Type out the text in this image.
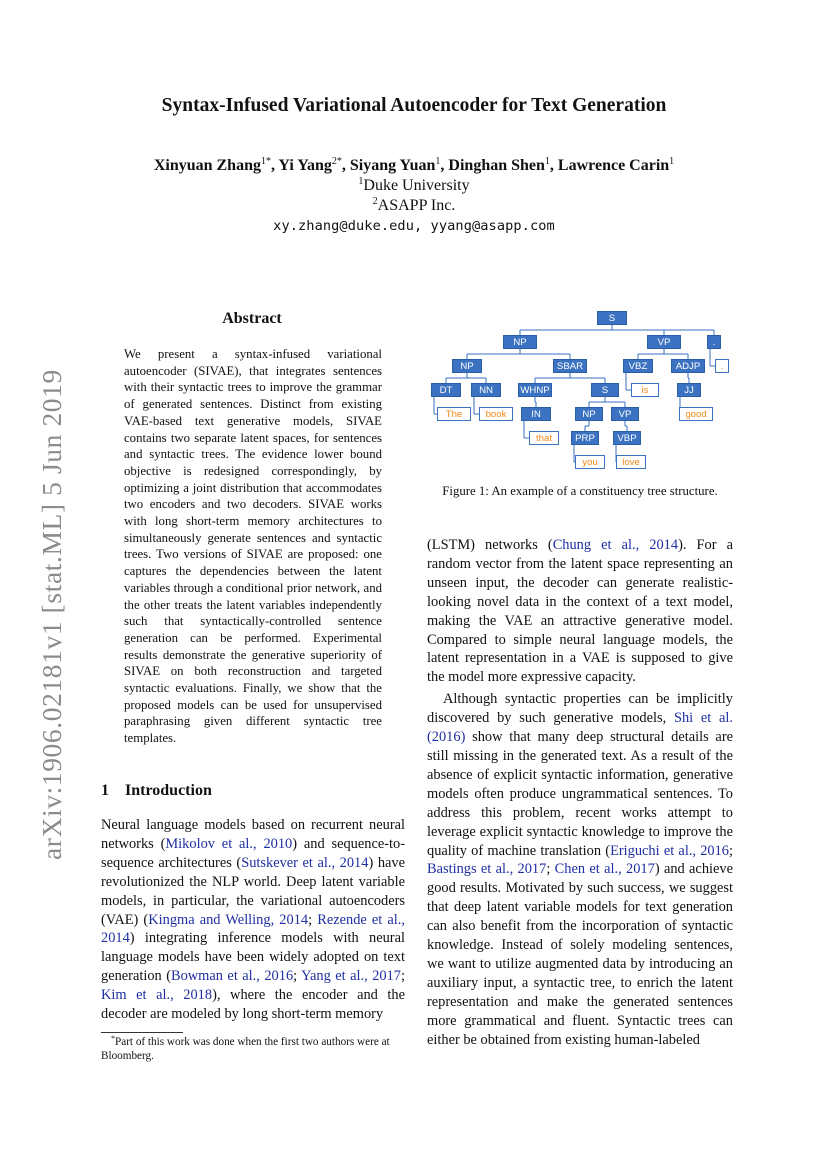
arXiv:1906.02181v1 [stat.ML] 5 Jun 2019
Syntax-Infused Variational Autoencoder for Text Generation
Xinyuan Zhang$^{1*}$, Yi Yang$^{2*}$, Siyang Yuan$^1$, Dinghan Shen$^1$, Lawrence Carin$^1$
$^1$Duke University
$^2$ASAPP Inc.
xy.zhang@duke.edu, yyang@asapp.com
Abstract

We present a syntax-infused variational autoencoder (SIVAE), that integrates sentences with their syntactic trees to improve the grammar of generated sentences. Distinct from existing VAE-based text generative models, SIVAE contains two separate latent spaces, for sentences and syntactic trees. The evidence lower bound objective is redesigned correspondingly, by optimizing a joint distribution that accommodates two encoders and two decoders. SIVAE works with long short-term memory architectures to simultaneously generate sentences and syntactic trees. Two versions of SIVAE are proposed: one captures the dependencies between the latent variables through a conditional prior network, and the other treats the latent variables independently such that syntactically-controlled sentence generation can be performed. Experimental results demonstrate the generative superiority of SIVAE on both reconstruction and targeted syntactic evaluations. Finally, we show that the proposed models can be used for unsupervised paraphrasing given different syntactic tree templates.

1 Introduction

Neural language models based on recurrent neural networks (Mikolov et al., 2010) and sequence-to-sequence architectures (Sutskever et al., 2014) have revolutionized the NLP world. Deep latent variable models, in particular, the variational autoencoders (VAE) (Kingma and Welling, 2014; Rezende et al., 2014) integrating inference models with neural language models have been widely adopted on text generation (Bowman et al., 2016; Yang et al., 2017; Kim et al., 2018), where the encoder and the decoder are modeled by long short-term memory

*Part of this work was done when the first two authors were at Bloomberg.

S
NP
NP
DT
The
NN
book
SBAR
WHNP
IN
that
S
NP
PRP
you
VP
VBP
love
VP
VBZ
is
ADJP
JJ
good
.
.
Figure 1: An example of a constituency tree structure.

(LSTM) networks (Chung et al., 2014). For a random vector from the latent space representing an unseen input, the decoder can generate realistic-looking novel data in the context of a text model, making the VAE an attractive generative model. Compared to simple neural language models, the latent representation in a VAE is supposed to give the model more expressive capacity.

Although syntactic properties can be implicitly discovered by such generative models, Shi et al. (2016) show that many deep structural details are still missing in the generated text. As a result of the absence of explicit syntactic information, generative models often produce ungrammatical sentences. To address this problem, recent works attempt to leverage explicit syntactic knowledge to improve the quality of machine translation (Eriguchi et al., 2016; Bastings et al., 2017; Chen et al., 2017) and achieve good results. Motivated by such success, we suggest that deep latent variable models for text generation can also benefit from the incorporation of syntactic knowledge. Instead of solely modeling sentences, we want to utilize augmented data by introducing an auxiliary input, a syntactic tree, to enrich the latent representation and make the generated sentences more grammatical and fluent. Syntactic trees can either be obtained from existing human-labeled
